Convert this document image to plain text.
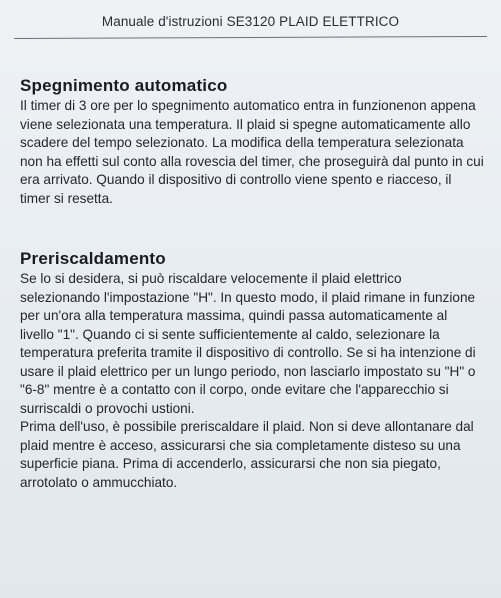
Manuale d'istruzioni SE3120 PLAID ELETTRICO
Spegnimento automatico

Il timer di 3 ore per lo spegnimento automatico entra in funzionenon appena viene selezionata una temperatura. Il plaid si spegne automaticamente allo scadere del tempo selezionato. La modifica della temperatura selezionata non ha effetti sul conto alla rovescia del timer, che proseguirà dal punto in cui era arrivato. Quando il dispositivo di controllo viene spento e riacceso, il timer si resetta.

Preriscaldamento

Se lo si desidera, si può riscaldare velocemente il plaid elettrico selezionando l'impostazione "H". In questo modo, il plaid rimane in funzione per un'ora alla temperatura massima, quindi passa automaticamente al livello "1". Quando ci si sente sufficientemente al caldo, selezionare la temperatura preferita tramite il dispositivo di controllo. Se si ha intenzione di usare il plaid elettrico per un lungo periodo, non lasciarlo impostato su "H" o "6-8" mentre è a contatto con il corpo, onde evitare che l'apparecchio si surriscaldi o provochi ustioni.

Prima dell'uso, è possibile preriscaldare il plaid. Non si deve allontanare dal plaid mentre è acceso, assicurarsi che sia completamente disteso su una superficie piana. Prima di accenderlo, assicurarsi che non sia piegato, arrotolato o ammucchiato.
